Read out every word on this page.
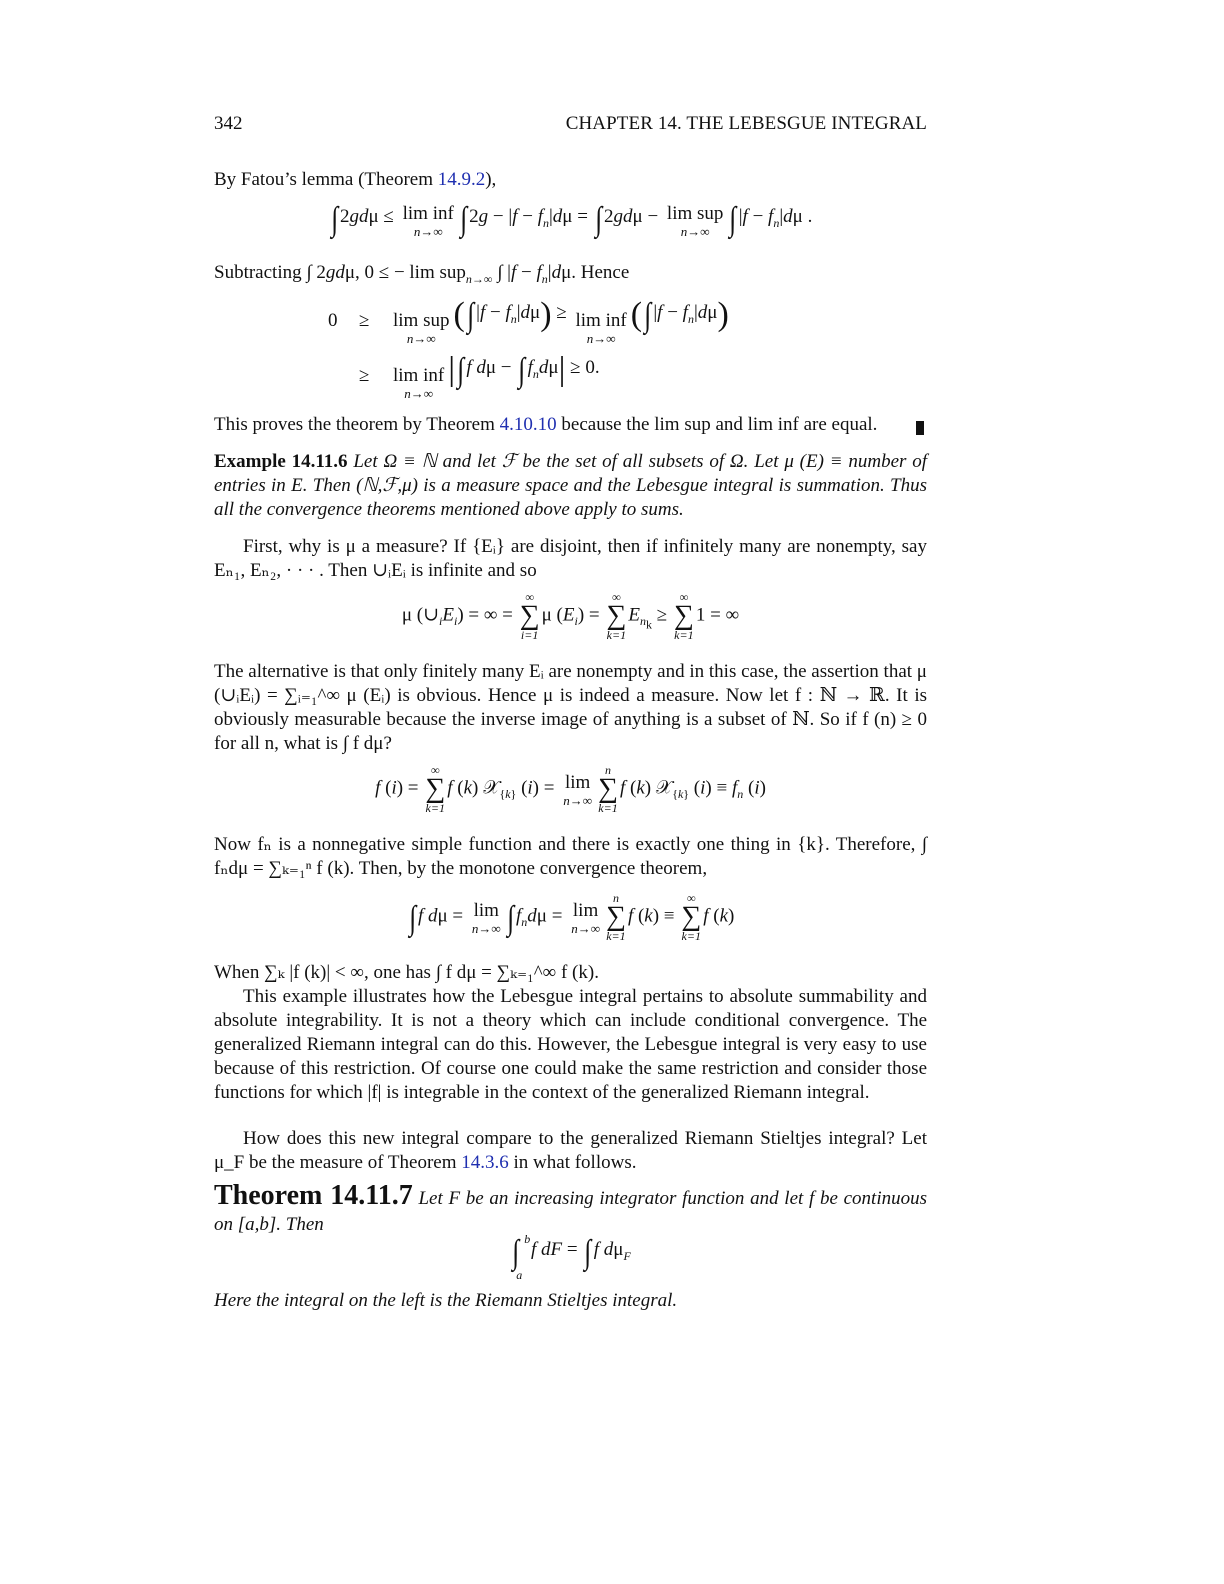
342	CHAPTER 14. THE LEBESGUE INTEGRAL
By Fatou’s lemma (Theorem 14.9.2),
∫ 2gdμ ≤ lim inf
n→∞ ∫ $2g - |f - f_n|d\mu$ = ∫ 2gdμ − lim sup
n→∞ ∫ $|f - f_n|d\mu$ .
Subtracting ∫ 2gdμ, 0 ≤ − lim sup$_{n\to\infty}$ ∫ $|f - f_n|d\mu$. Hence
0 ≥ lim sup
n→∞
(∫ $|f - f_n|d\mu) \ge \lim$ inf
n→∞
(∫ $|f - f_n|d\mu$)
≥ lim inf
n→∞
|∫ f dμ − ∫ $f_nd\mu| \ge 0$.
This proves the theorem by Theorem 4.10.10 because the lim sup and lim inf are equal.

Example 14.11.6 Let Ω ≡ ℕ and let ℱ be the set of all subsets of Ω. Let μ (E) ≡ number of entries in E. Then (ℕ,ℱ,μ) is a measure space and the Lebesgue integral is summation. Thus all the convergence theorems mentioned above apply to sums.

First, why is μ a measure? If {Eᵢ} are disjoint, then if infinitely many are nonempty, say Eₙ₁, Eₙ₂, · · · . Then ∪ᵢEᵢ is infinite and so
μ $(\cup_iE_i)$ = ∞ =
∞
∑
i=1
μ $(E_i)$ =
∞
∑
k=1
$E_{n_k}$ ≥
∞
∑
k=1
1 = ∞
The alternative is that only finitely many Eᵢ are nonempty and in this case, the assertion that μ (∪ᵢEᵢ) = ∑ᵢ₌₁^∞ μ (Eᵢ) is obvious. Hence μ is indeed a measure. Now let f : ℕ → ℝ. It is obviously measurable because the inverse image of anything is a subset of ℕ. So if f (n) ≥ 0 for all n, what is ∫ f dμ?
f (i) =
∞
∑
k=1
f (k) 𝒳$_{\{k\}}$ (i) = lim
n→∞
n
∑
k=1
f (k) 𝒳$_{\{k\}}$ $(i) \equiv f_n$ (i)
Now fₙ is a nonnegative simple function and there is exactly one thing in {k}. Therefore, ∫ fₙdμ = ∑ₖ₌₁ⁿ f (k). Then, by the monotone convergence theorem,
∫ f dμ = lim
n→∞ ∫ $f_nd\mu = \lim$
n→∞
n
∑
k=1
f (k) ≡
∞
∑
k=1
f (k)
When ∑ₖ |f (k)| < ∞, one has ∫ f dμ = ∑ₖ₌₁^∞ f (k).
This example illustrates how the Lebesgue integral pertains to absolute summability and absolute integrability. It is not a theory which can include conditional convergence. The generalized Riemann integral can do this. However, the Lebesgue integral is very easy to use because of this restriction. Of course one could make the same restriction and consider those functions for which |f| is integrable in the context of the generalized Riemann integral.
How does this new integral compare to the generalized Riemann Stieltjes integral? Let μ_F be the measure of Theorem 14.3.6 in what follows.
Theorem 14.11.7 Let F be an increasing integrator function and let f be continuous on [a,b]. Then
∫ b
a
f dF = ∫ f $d\mu_F$
Here the integral on the left is the Riemann Stieltjes integral.
